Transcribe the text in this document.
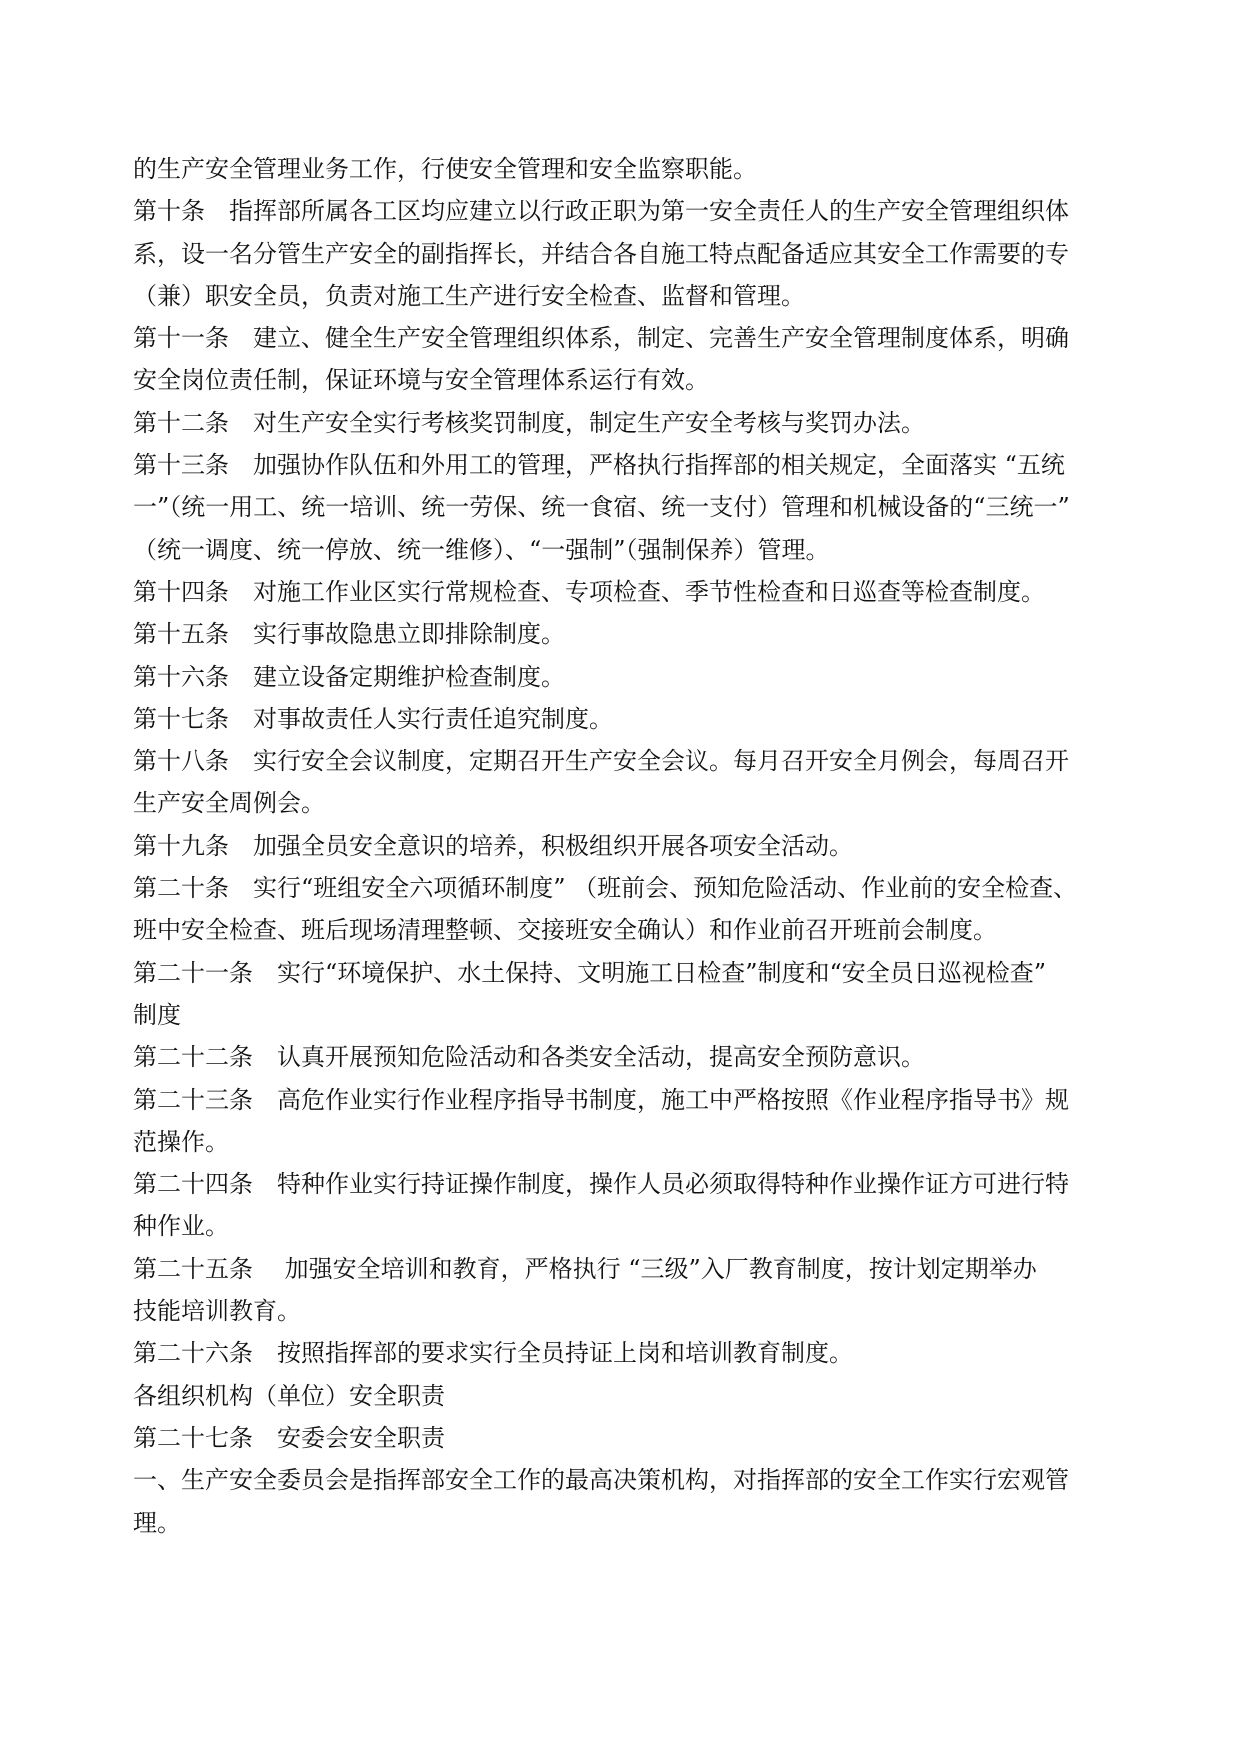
的生产安全管理业务工作，行使安全管理和安全监察职能。
第十条　指挥部所属各工区均应建立以行政正职为第一安全责任人的生产安全管理组织体
系，设一名分管生产安全的副指挥长，并结合各自施工特点配备适应其安全工作需要的专
（兼）职安全员，负责对施工生产进行安全检查、监督和管理。
第十一条　建立、健全生产安全管理组织体系，制定、完善生产安全管理制度体系，明确
安全岗位责任制，保证环境与安全管理体系运行有效。
第十二条　对生产安全实行考核奖罚制度，制定生产安全考核与奖罚办法。
第十三条　加强协作队伍和外用工的管理，严格执行指挥部的相关规定，全面落实 “五统
一”（统一用工、统一培训、统一劳保、统一食宿、统一支付）管理和机械设备的“三统一”
（统一调度、统一停放、统一维修）、“一强制”（强制保养）管理。
第十四条　对施工作业区实行常规检查、专项检查、季节性检查和日巡查等检查制度。
第十五条　实行事故隐患立即排除制度。
第十六条　建立设备定期维护检查制度。
第十七条　对事故责任人实行责任追究制度。
第十八条　实行安全会议制度，定期召开生产安全会议。每月召开安全月例会，每周召开
生产安全周例会。
第十九条　加强全员安全意识的培养，积极组织开展各项安全活动。
第二十条　实行“班组安全六项循环制度” （班前会、预知危险活动、作业前的安全检查、
班中安全检查、班后现场清理整顿、交接班安全确认）和作业前召开班前会制度。
第二十一条　实行“环境保护、水土保持、文明施工日检查”制度和“安全员日巡视检查”
制度
第二十二条　认真开展预知危险活动和各类安全活动，提高安全预防意识。
第二十三条　高危作业实行作业程序指导书制度，施工中严格按照《作业程序指导书》规
范操作。
第二十四条　特种作业实行持证操作制度，操作人员必须取得特种作业操作证方可进行特
种作业。
第二十五条　 加强安全培训和教育，严格执行 “三级”入厂教育制度，按计划定期举办
技能培训教育。
第二十六条　按照指挥部的要求实行全员持证上岗和培训教育制度。
各组织机构（单位）安全职责
第二十七条　安委会安全职责
一、生产安全委员会是指挥部安全工作的最高决策机构，对指挥部的安全工作实行宏观管
理。
